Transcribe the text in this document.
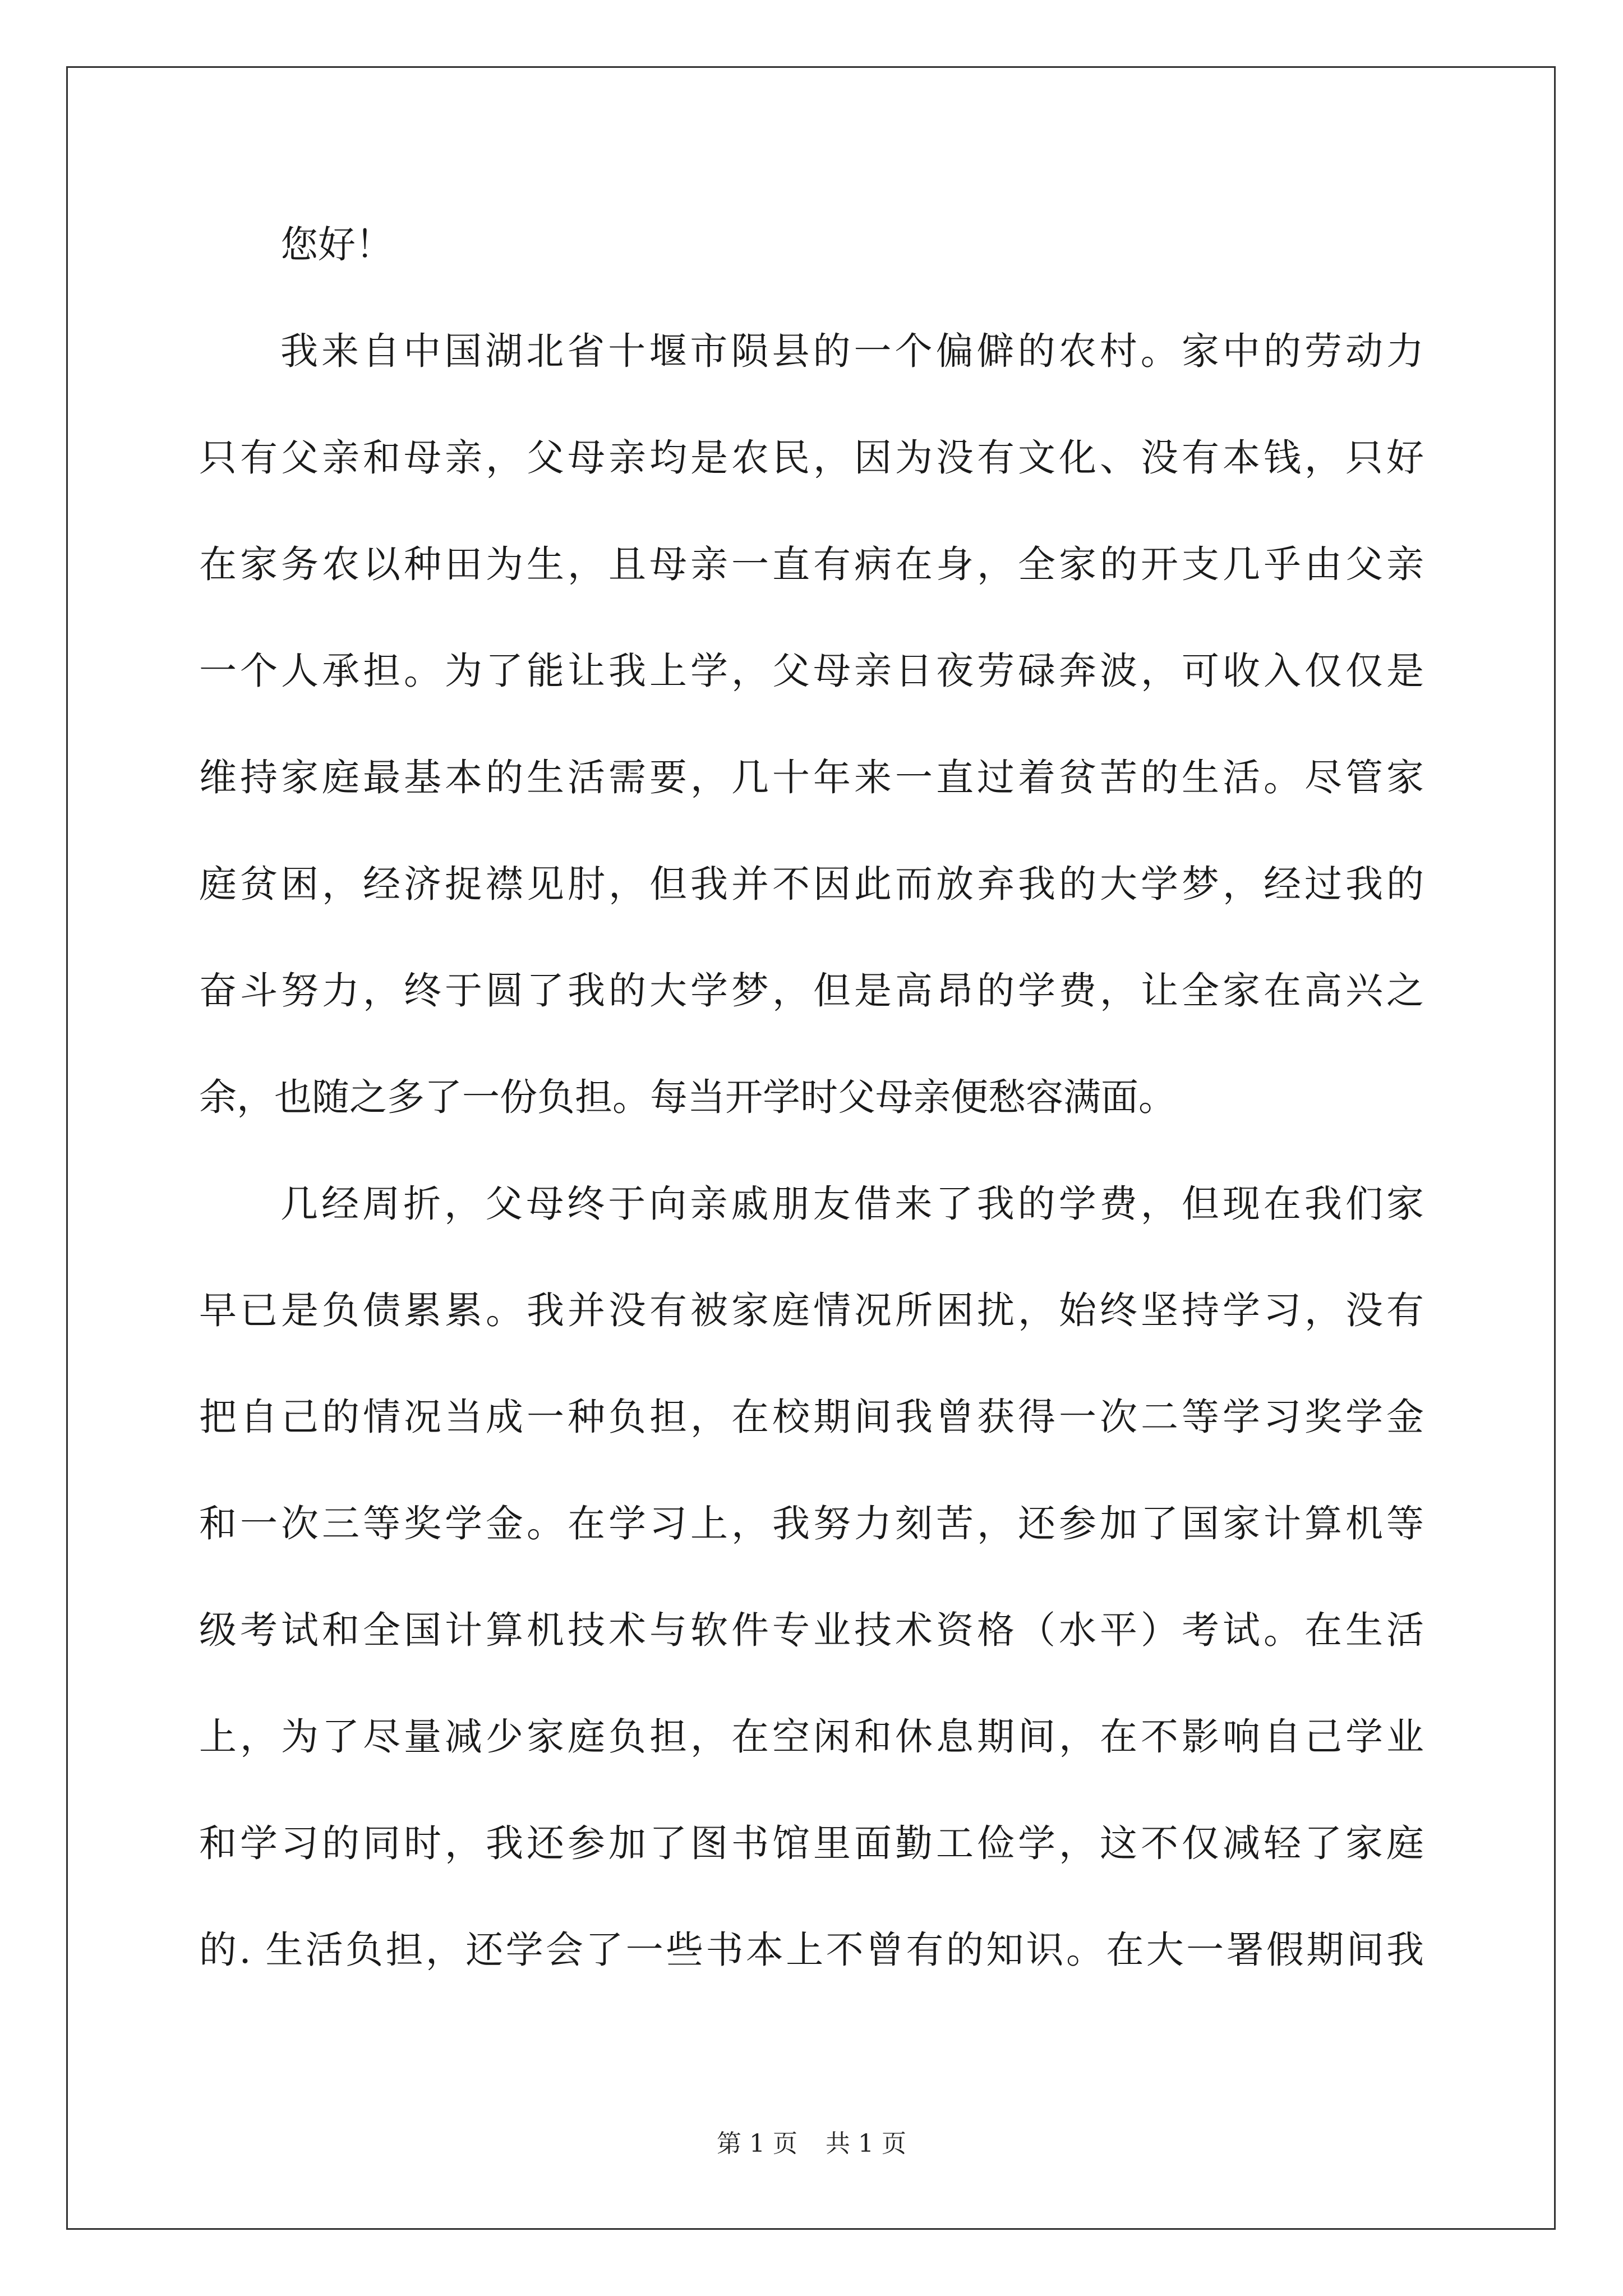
您好！
我来自中国湖北省十堰市陨县的一个偏僻的农村。家中的劳动力
只有父亲和母亲，父母亲均是农民，因为没有文化、没有本钱，只好
在家务农以种田为生，且母亲一直有病在身，全家的开支几乎由父亲
一个人承担。为了能让我上学，父母亲日夜劳碌奔波，可收入仅仅是
维持家庭最基本的生活需要，几十年来一直过着贫苦的生活。尽管家
庭贫困，经济捉襟见肘，但我并不因此而放弃我的大学梦，经过我的
奋斗努力，终于圆了我的大学梦，但是高昂的学费，让全家在高兴之
余，也随之多了一份负担。每当开学时父母亲便愁容满面。
几经周折，父母终于向亲戚朋友借来了我的学费，但现在我们家
早已是负债累累。我并没有被家庭情况所困扰，始终坚持学习，没有
把自己的情况当成一种负担，在校期间我曾获得一次二等学习奖学金
和一次三等奖学金。在学习上，我努力刻苦，还参加了国家计算机等
级考试和全国计算机技术与软件专业技术资格（水平）考试。在生活
上，为了尽量减少家庭负担，在空闲和休息期间，在不影响自己学业
和学习的同时，我还参加了图书馆里面勤工俭学，这不仅减轻了家庭
的. 生活负担，还学会了一些书本上不曾有的知识。在大一署假期间我
第 1 页 共 1 页
